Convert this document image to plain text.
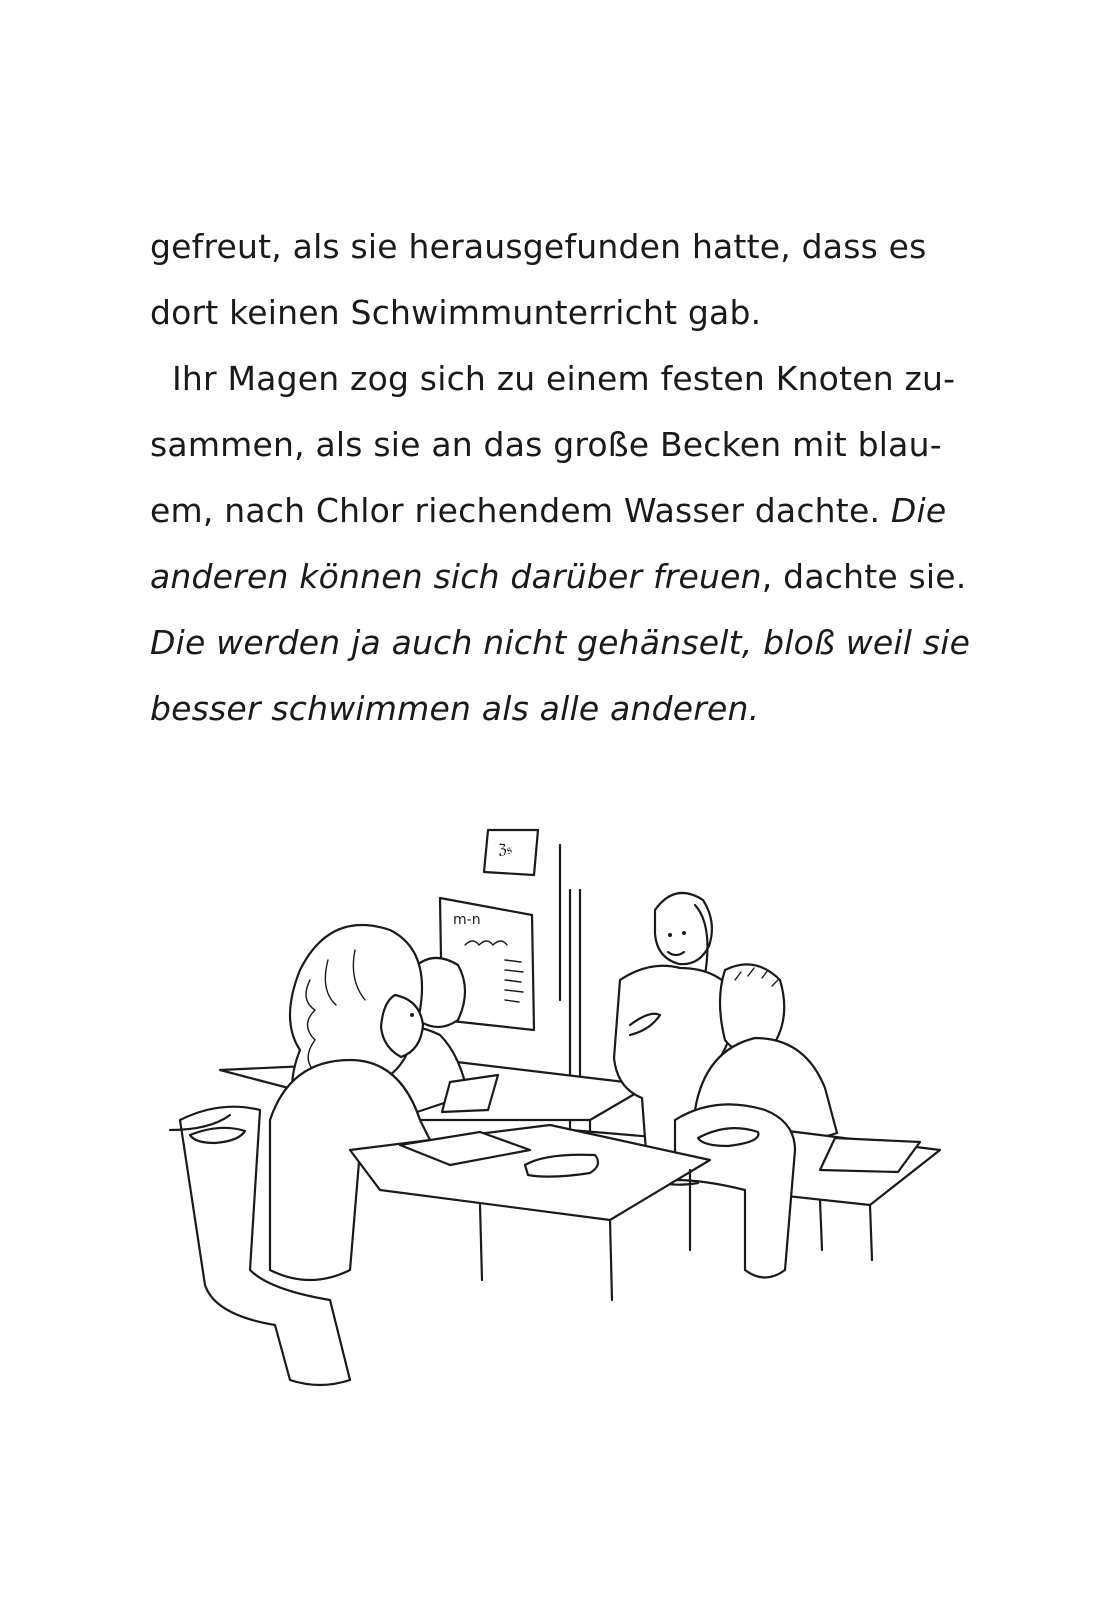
gefreut, als sie herausgefunden hatte, dass es
dort keinen Schwimmunterricht gab.
Ihr Magen zog sich zu einem festen Knoten zu-
sammen, als sie an das große Becken mit blau-
em, nach Chlor riechendem Wasser dachte. Die
anderen können sich darüber freuen, dachte sie.
Die werden ja auch nicht gehänselt, bloß weil sie
besser schwimmen als alle anderen.
ℨ𝔰
m-n
